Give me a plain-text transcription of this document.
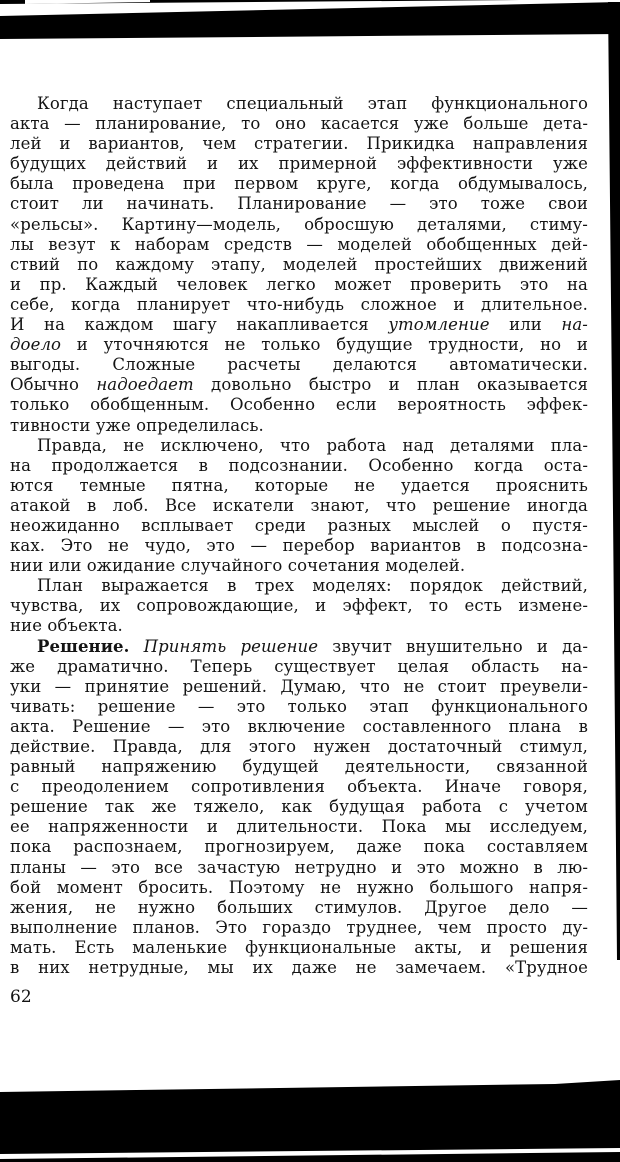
Когда наступает специальный этап функционального
акта — планирование, то оно касается уже больше дета-
лей и вариантов, чем стратегии. Прикидка направления
будущих действий и их примерной эффективности уже
была проведена при первом круге, когда обдумывалось,
стоит ли начинать. Планирование — это тоже свои
«рельсы». Картину—модель, обросшую деталями, стиму-
лы везут к наборам средств — моделей обобщенных дей-
ствий по каждому этапу, моделей простейших движений
и пр. Каждый человек легко может проверить это на
себе, когда планирует что-нибудь сложное и длительное.
И на каждом шагу накапливается утомление или на-
доело и уточняются не только будущие трудности, но и
выгоды. Сложные расчеты делаются автоматически.
Обычно надоедает довольно быстро и план оказывается
только обобщенным. Особенно если вероятность эффек-
тивности уже определилась.
Правда, не исключено, что работа над деталями пла-
на продолжается в подсознании. Особенно когда оста-
ются темные пятна, которые не удается прояснить
атакой в лоб. Все искатели знают, что решение иногда
неожиданно всплывает среди разных мыслей о пустя-
ках. Это не чудо, это — перебор вариантов в подсозна-
нии или ожидание случайного сочетания моделей.
План выражается в трех моделях: порядок действий,
чувства, их сопровождающие, и эффект, то есть измене-
ние объекта.
Решение. Принять решение звучит внушительно и да-
же драматично. Теперь существует целая область на-
уки — принятие решений. Думаю, что не стоит преувели-
чивать: решение — это только этап функционального
акта. Решение — это включение составленного плана в
действие. Правда, для этого нужен достаточный стимул,
равный напряжению будущей деятельности, связанной
с преодолением сопротивления объекта. Иначе говоря,
решение так же тяжело, как будущая работа с учетом
ее напряженности и длительности. Пока мы исследуем,
пока распознаем, прогнозируем, даже пока составляем
планы — это все зачастую нетрудно и это можно в лю-
бой момент бросить. Поэтому не нужно большого напря-
жения, не нужно больших стимулов. Другое дело —
выполнение планов. Это гораздо труднее, чем просто ду-
мать. Есть маленькие функциональные акты, и решения
в них нетрудные, мы их даже не замечаем. «Трудное
62
